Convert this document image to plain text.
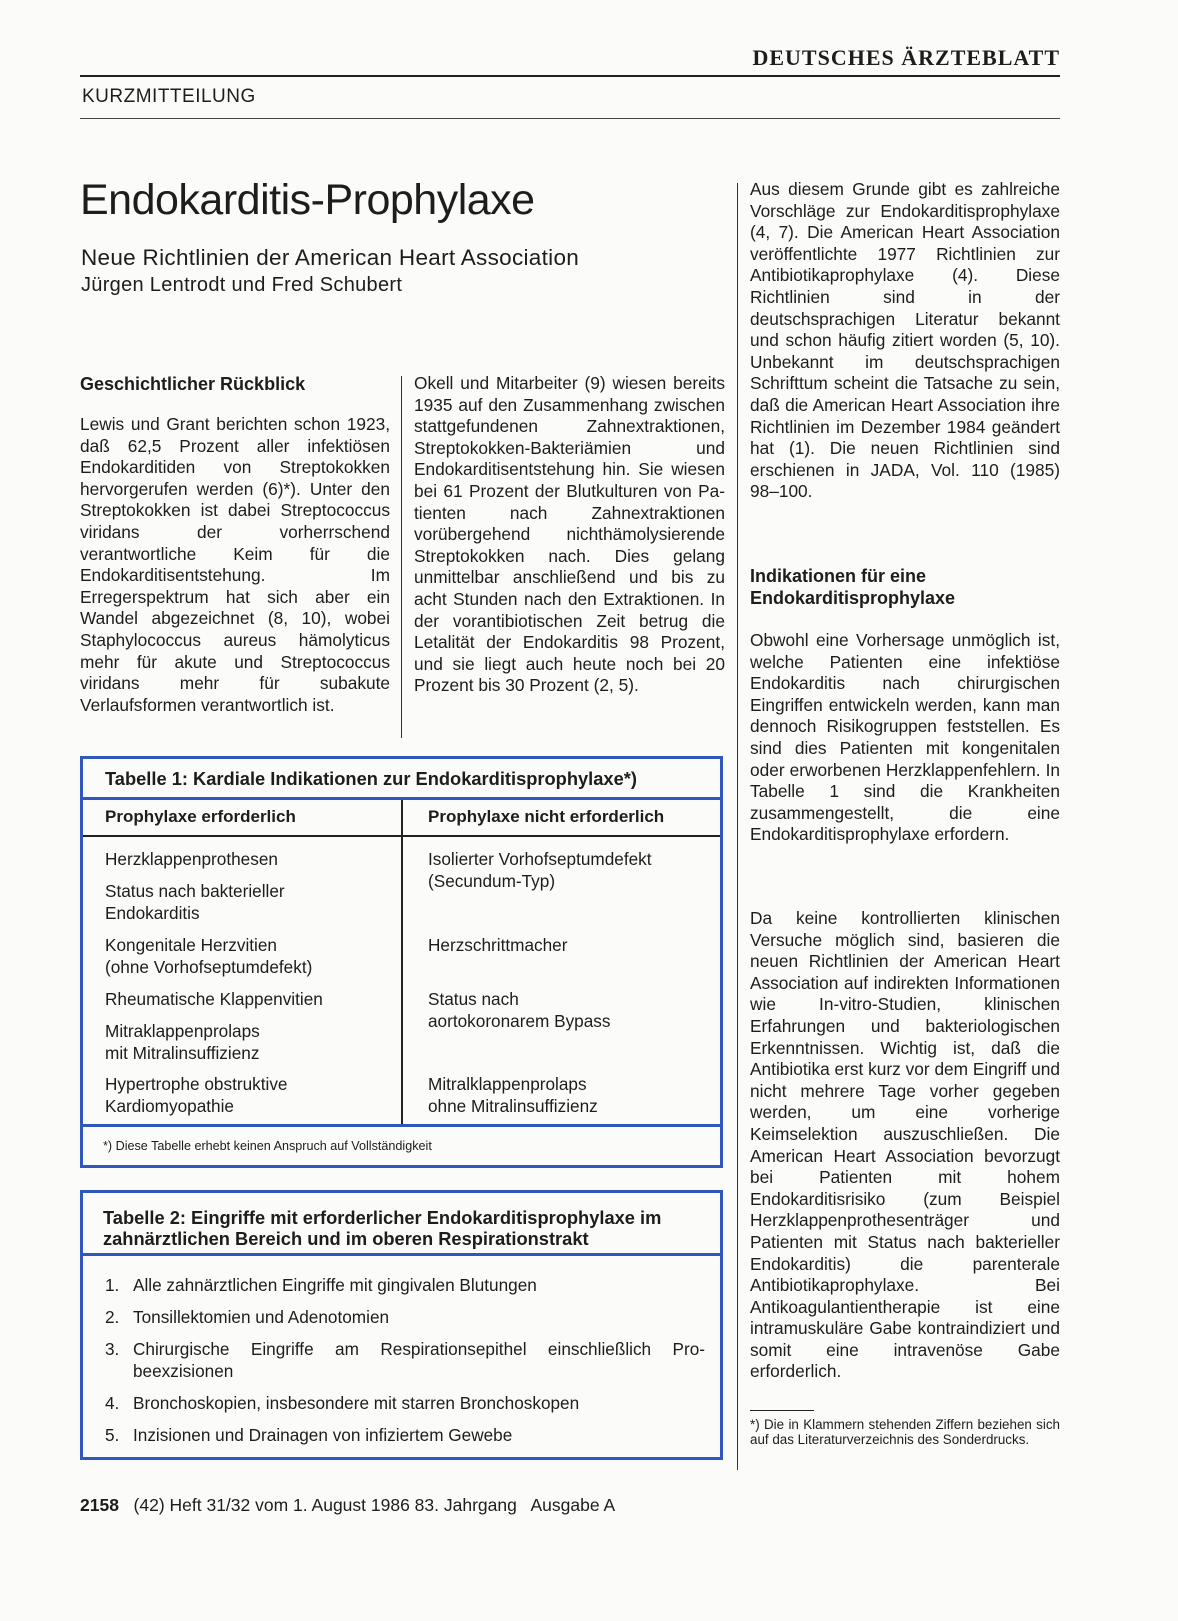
DEUTSCHES ÄRZTEBLATT
KURZMITTEILUNG
Endokarditis-Prophylaxe
Neue Richtlinien der American Heart Association
Jürgen Lentrodt und Fred Schubert
Geschichtlicher Rückblick

Lewis und Grant berichten schon 1923, daß 62,5 Prozent aller infektiösen Endokarditiden von Streptokokken hervorgerufen werden (6)*). Unter den Streptokokken ist dabei Streptococcus viridans der vorherrschend verantwortliche Keim für die Endokarditisentstehung. Im Erregerspektrum hat sich aber ein Wandel abgezeichnet (8, 10), wobei Staphylococcus aureus hämolyticus mehr für akute und Streptococcus viridans mehr für subakute Verlaufsformen verantwortlich ist.

Okell und Mitarbeiter (9) wiesen bereits 1935 auf den Zusammenhang zwischen stattgefundenen Zahnextraktionen, Streptokokken-Bakteriämien und Endokarditisentstehung hin. Sie wiesen bei 61 Prozent der Blutkulturen von Patienten nach Zahnextraktionen vorübergehend nichthämolysierende Streptokokken nach. Dies gelang unmittelbar anschließend und bis zu acht Stunden nach den Extraktionen. In der vorantibiotischen Zeit betrug die Letalität der Endokarditis 98 Prozent, und sie liegt auch heute noch bei 20 Prozent bis 30 Prozent (2, 5).

Aus diesem Grunde gibt es zahlreiche Vorschläge zur Endokarditisprophylaxe (4, 7). Die American Heart Association veröffentlichte 1977 Richtlinien zur Antibiotikaprophylaxe (4). Diese Richtlinien sind in der deutschsprachigen Literatur bekannt und schon häufig zitiert worden (5, 10). Unbekannt im deutschsprachigen Schrifttum scheint die Tatsache zu sein, daß die American Heart Association ihre Richtlinien im Dezember 1984 geändert hat (1). Die neuen Richtlinien sind erschienen in JADA, Vol. 110 (1985) 98–100.

Indikationen für eine Endokarditisprophylaxe

Obwohl eine Vorhersage unmöglich ist, welche Patienten eine infektiöse Endokarditis nach chirurgischen Eingriffen entwickeln werden, kann man dennoch Risikogruppen feststellen. Es sind dies Patienten mit kongenitalen oder erworbenen Herzklappenfehlern. In Tabelle 1 sind die Krankheiten zusammengestellt, die eine Endokarditisprophylaxe erfordern.

Da keine kontrollierten klinischen Versuche möglich sind, basieren die neuen Richtlinien der American Heart Association auf indirekten Informationen wie In-vitro-Studien, klinischen Erfahrungen und bakteriologischen Erkenntnissen. Wichtig ist, daß die Antibiotika erst kurz vor dem Eingriff und nicht mehrere Tage vorher gegeben werden, um eine vorherige Keimselektion auszuschließen. Die American Heart Association bevorzugt bei Patienten mit hohem Endokarditisrisiko (zum Beispiel Herzklappenprothesenträger und Patienten mit Status nach bakterieller Endokarditis) die parenterale Antibiotikaprophylaxe. Bei Antikoagulantientherapie ist eine intramuskuläre Gabe kontraindiziert und somit eine intravenöse Gabe erforderlich.

*) Die in Klammern stehenden Ziffern beziehen sich auf das Literaturverzeichnis des Sonderdrucks.
Tabelle 1: Kardiale Indikationen zur Endokarditisprophylaxe*)
Prophylaxe erforderlich	Prophylaxe nicht erforderlich
Herzklappenprothesen
Status nach bakterieller
Endokarditis
Kongenitale Herzvitien
(ohne Vorhofseptumdefekt)
Rheumatische Klappenvitien
Mitraklappenprolaps
mit Mitralinsuffizienz
Hypertrophe obstruktive
Kardiomyopathie
Isolierter Vorhofseptumdefekt
(Secundum-Typ)
Herzschrittmacher
Status nach
aortokoronarem Bypass
Mitralklappenprolaps
ohne Mitralinsuffizienz
*) Diese Tabelle erhebt keinen Anspruch auf Vollständigkeit
Tabelle 2: Eingriffe mit erforderlicher Endokarditisprophylaxe im zahnärztlichen Bereich und im oberen Respirationstrakt
1. Alle zahnärztlichen Eingriffe mit gingivalen Blutungen
2. Tonsillektomien und Adenotomien
3. Chirurgische Eingriffe am Respirationsepithel einschließlich Probeexzisionen
4. Bronchoskopien, insbesondere mit starren Bronchoskopen
5. Inzisionen und Drainagen von infiziertem Gewebe
2158 (42) Heft 31/32 vom 1. August 1986 83. Jahrgang   Ausgabe A
